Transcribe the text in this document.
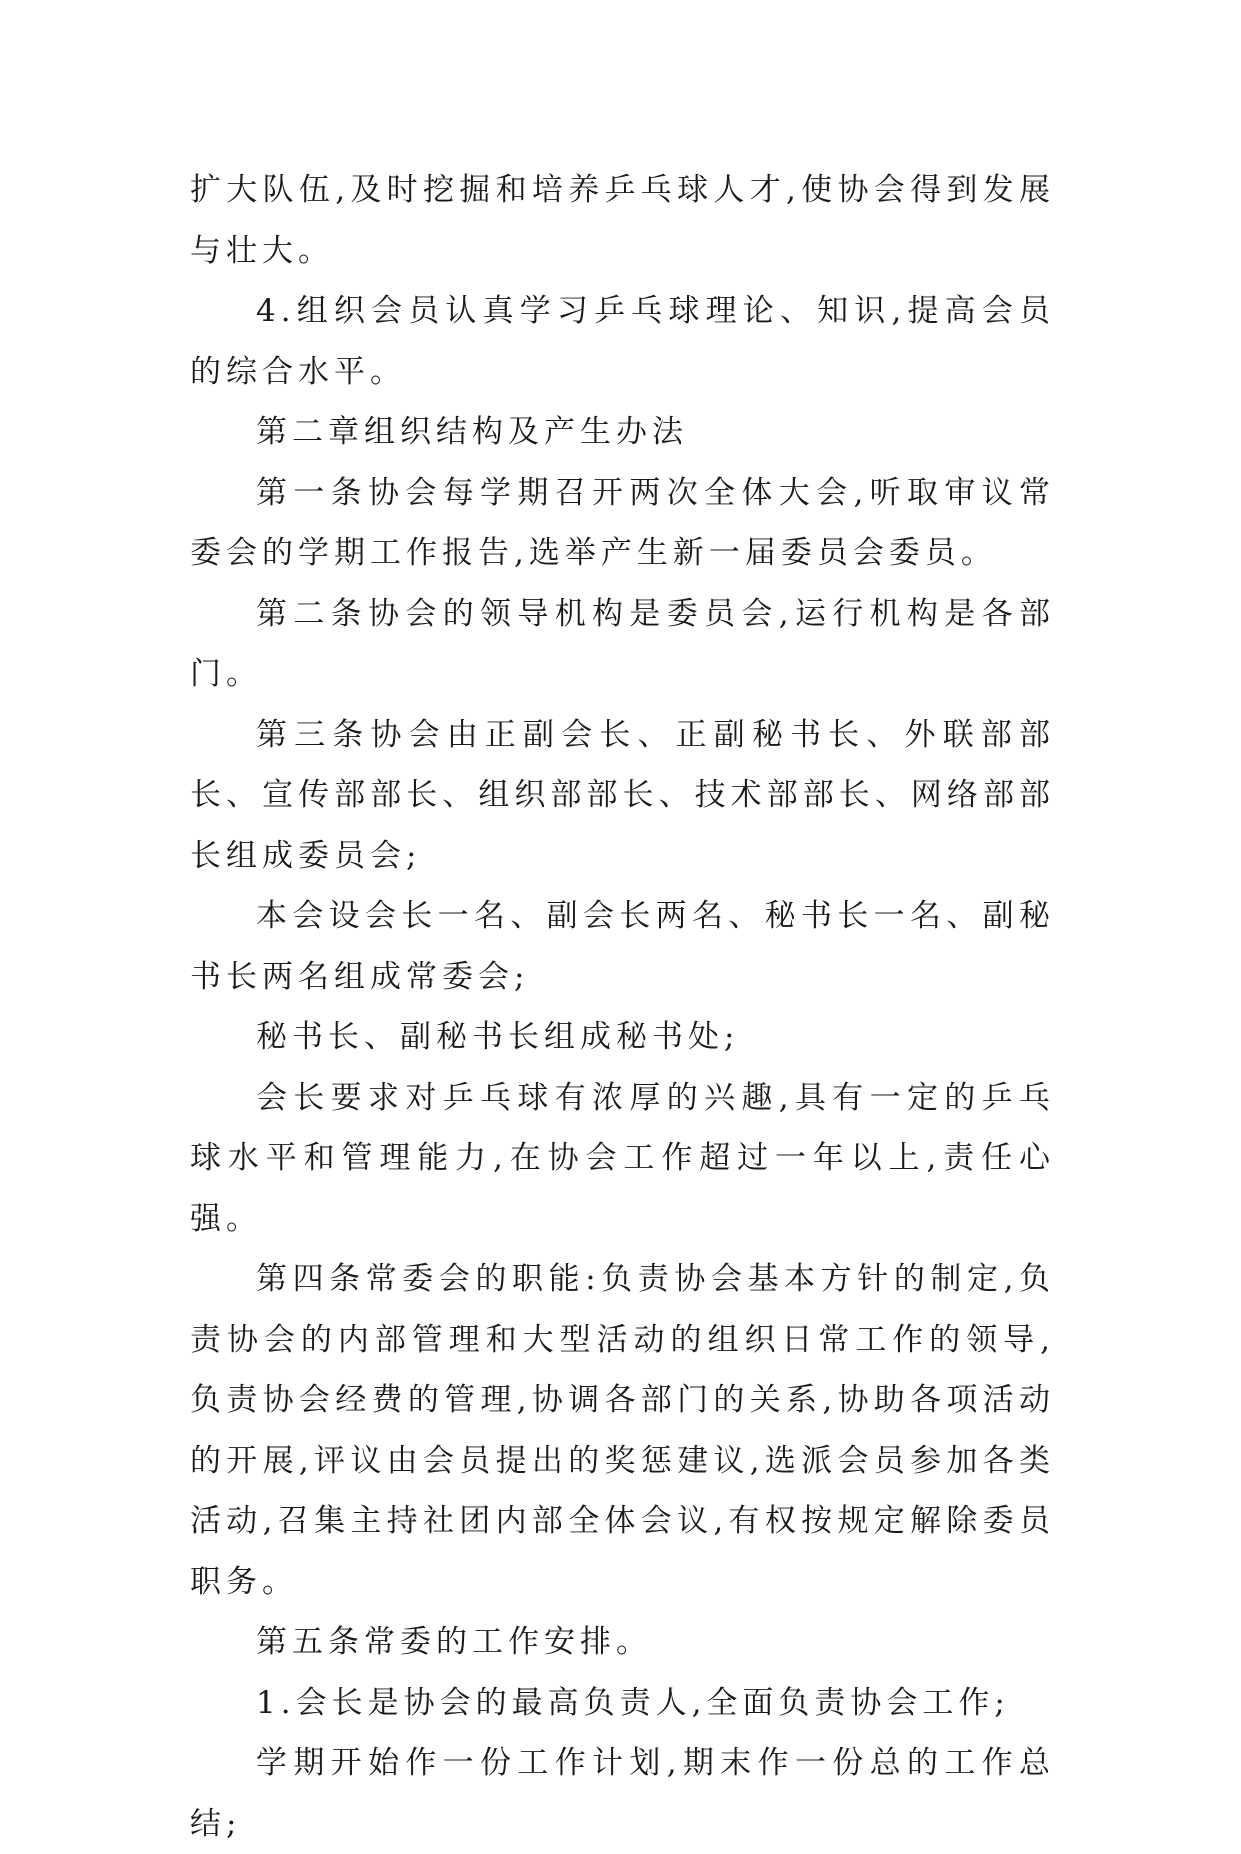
扩大队伍,及时挖掘和培养乒乓球人才,使协会得到发展与壮大。

4.组织会员认真学习乒乓球理论、知识,提高会员的综合水平。

第二章组织结构及产生办法

第一条协会每学期召开两次全体大会,听取审议常委会的学期工作报告,选举产生新一届委员会委员。

第二条协会的领导机构是委员会,运行机构是各部门。

第三条协会由正副会长、正副秘书长、外联部部长、宣传部部长、组织部部长、技术部部长、网络部部长组成委员会;

本会设会长一名、副会长两名、秘书长一名、副秘书长两名组成常委会;

秘书长、副秘书长组成秘书处;

会长要求对乒乓球有浓厚的兴趣,具有一定的乒乓球水平和管理能力,在协会工作超过一年以上,责任心强。

第四条常委会的职能:负责协会基本方针的制定,负责协会的内部管理和大型活动的组织日常工作的领导,负责协会经费的管理,协调各部门的关系,协助各项活动的开展,评议由会员提出的奖惩建议,选派会员参加各类活动,召集主持社团内部全体会议,有权按规定解除委员职务。

第五条常委的工作安排。

1.会长是协会的最高负责人,全面负责协会工作;

学期开始作一份工作计划,期末作一份总的工作总结;
